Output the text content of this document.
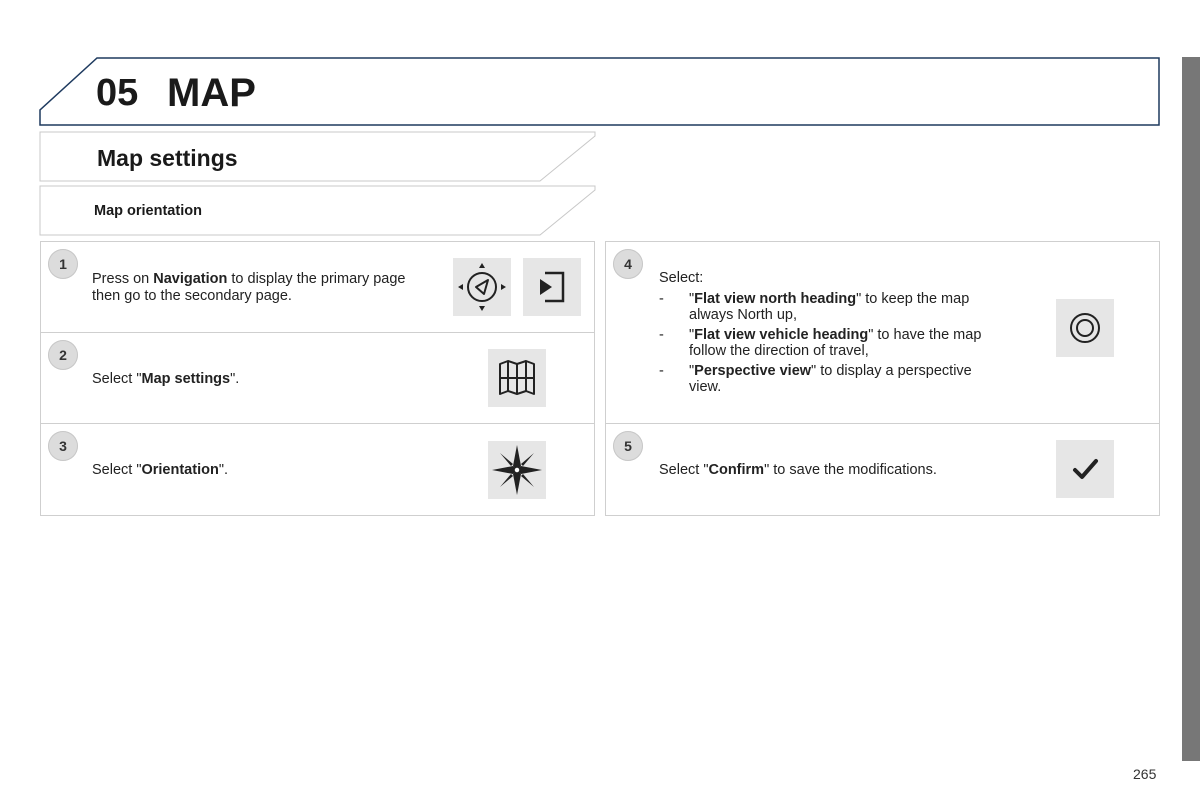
05 MAP
Map settings
Map orientation
1
Press on Navigation to display the primary page then go to the secondary page.
2
Select "Map settings".
3
Select "Orientation".
4
Select:
- "Flat view north heading" to keep the map always North up,
- "Flat view vehicle heading" to have the map follow the direction of travel,
- "Perspective view" to display a perspective view.
5
Select "Confirm" to save the modifications.
265
